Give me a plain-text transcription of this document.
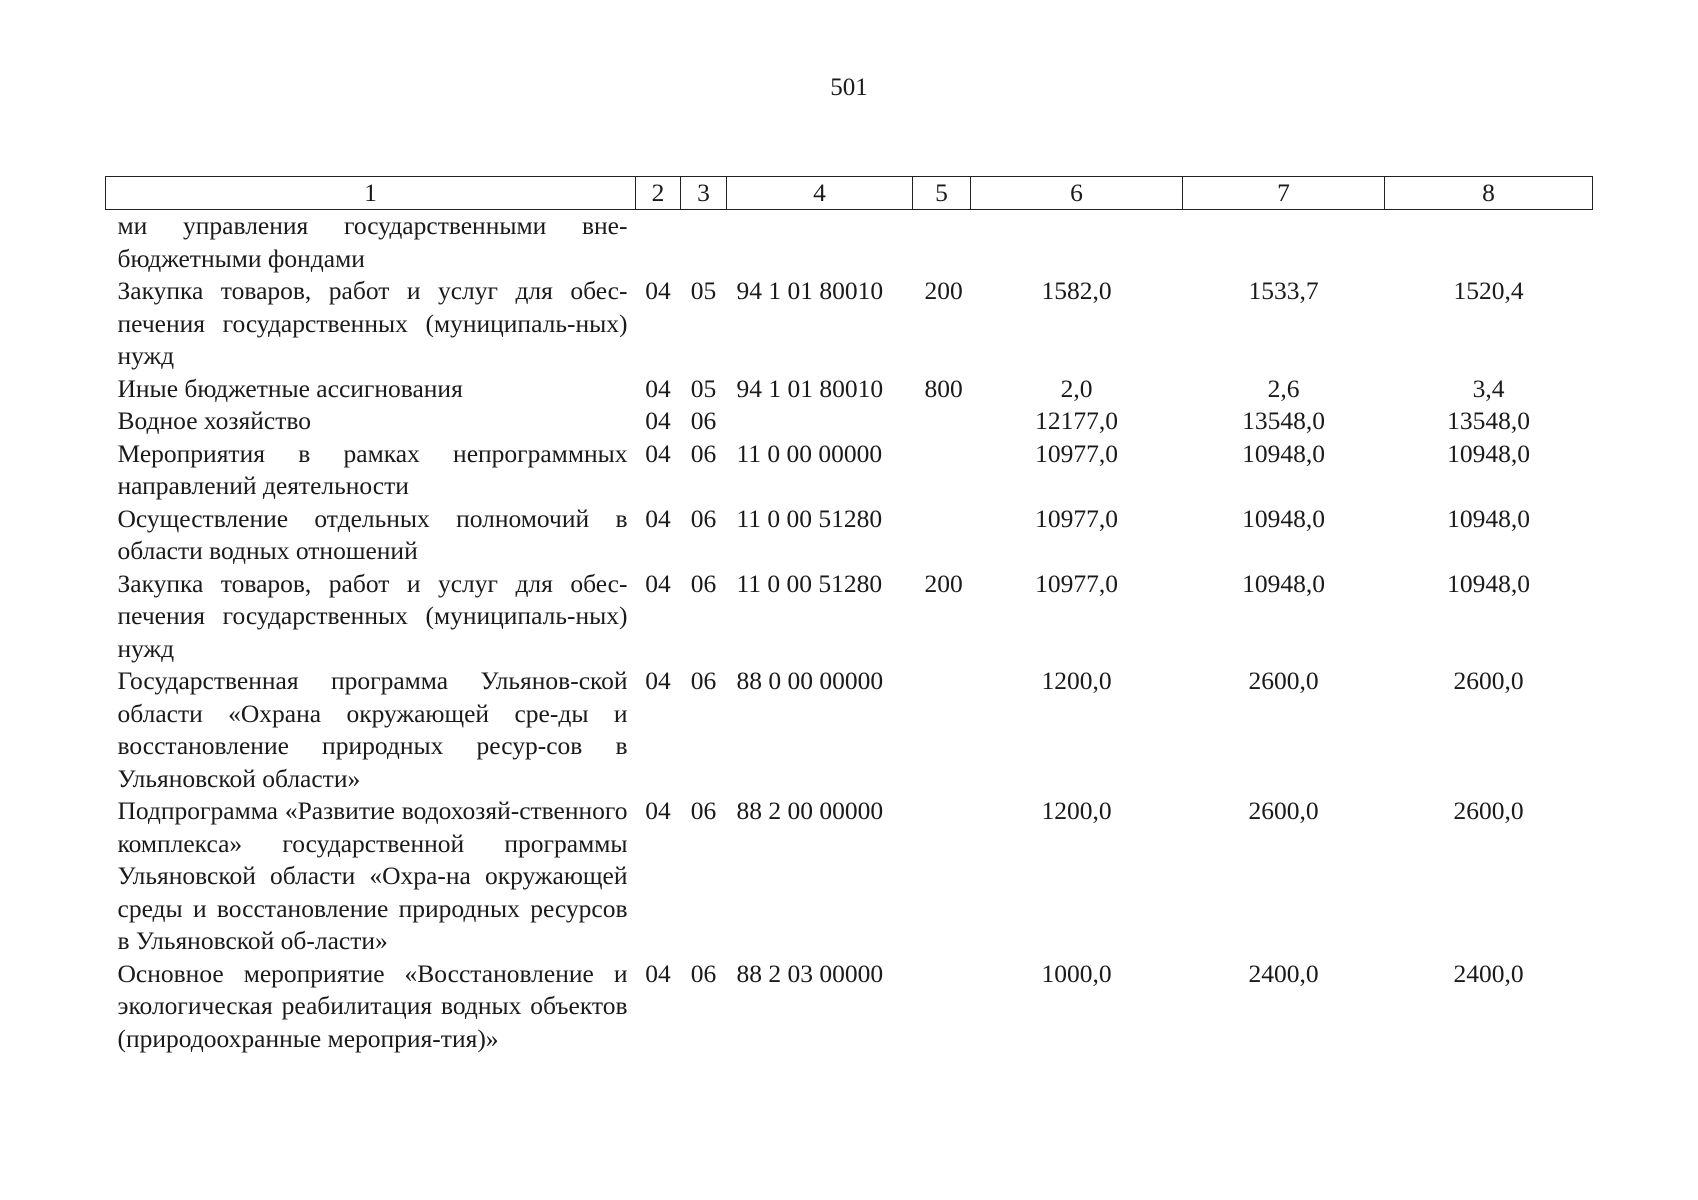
501
1	2	3	4	5	6	7	8
ми управления государственными вне-бюджетными фондами							
Закупка товаров, работ и услуг для обес-печения государственных (муниципаль-ных) нужд	04	05	94 1 01 80010	200	1582,0	1533,7	1520,4
Иные бюджетные ассигнования	04	05	94 1 01 80010	800	2,0	2,6	3,4
Водное хозяйство	04	06			12177,0	13548,0	13548,0
Мероприятия в рамках непрограммных направлений деятельности	04	06	11 0 00 00000		10977,0	10948,0	10948,0
Осуществление отдельных полномочий в области водных отношений	04	06	11 0 00 51280		10977,0	10948,0	10948,0
Закупка товаров, работ и услуг для обес-печения государственных (муниципаль-ных) нужд	04	06	11 0 00 51280	200	10977,0	10948,0	10948,0
Государственная программа Ульянов-ской области «Охрана окружающей сре-ды и восстановление природных ресур-сов в Ульяновской области»	04	06	88 0 00 00000		1200,0	2600,0	2600,0
Подпрограмма «Развитие водохозяй-ственного комплекса» государственной программы Ульяновской области «Охра-на окружающей среды и восстановление природных ресурсов в Ульяновской об-ласти»	04	06	88 2 00 00000		1200,0	2600,0	2600,0
Основное мероприятие «Восстановление и экологическая реабилитация водных объектов (природоохранные мероприя-тия)»	04	06	88 2 03 00000		1000,0	2400,0	2400,0
